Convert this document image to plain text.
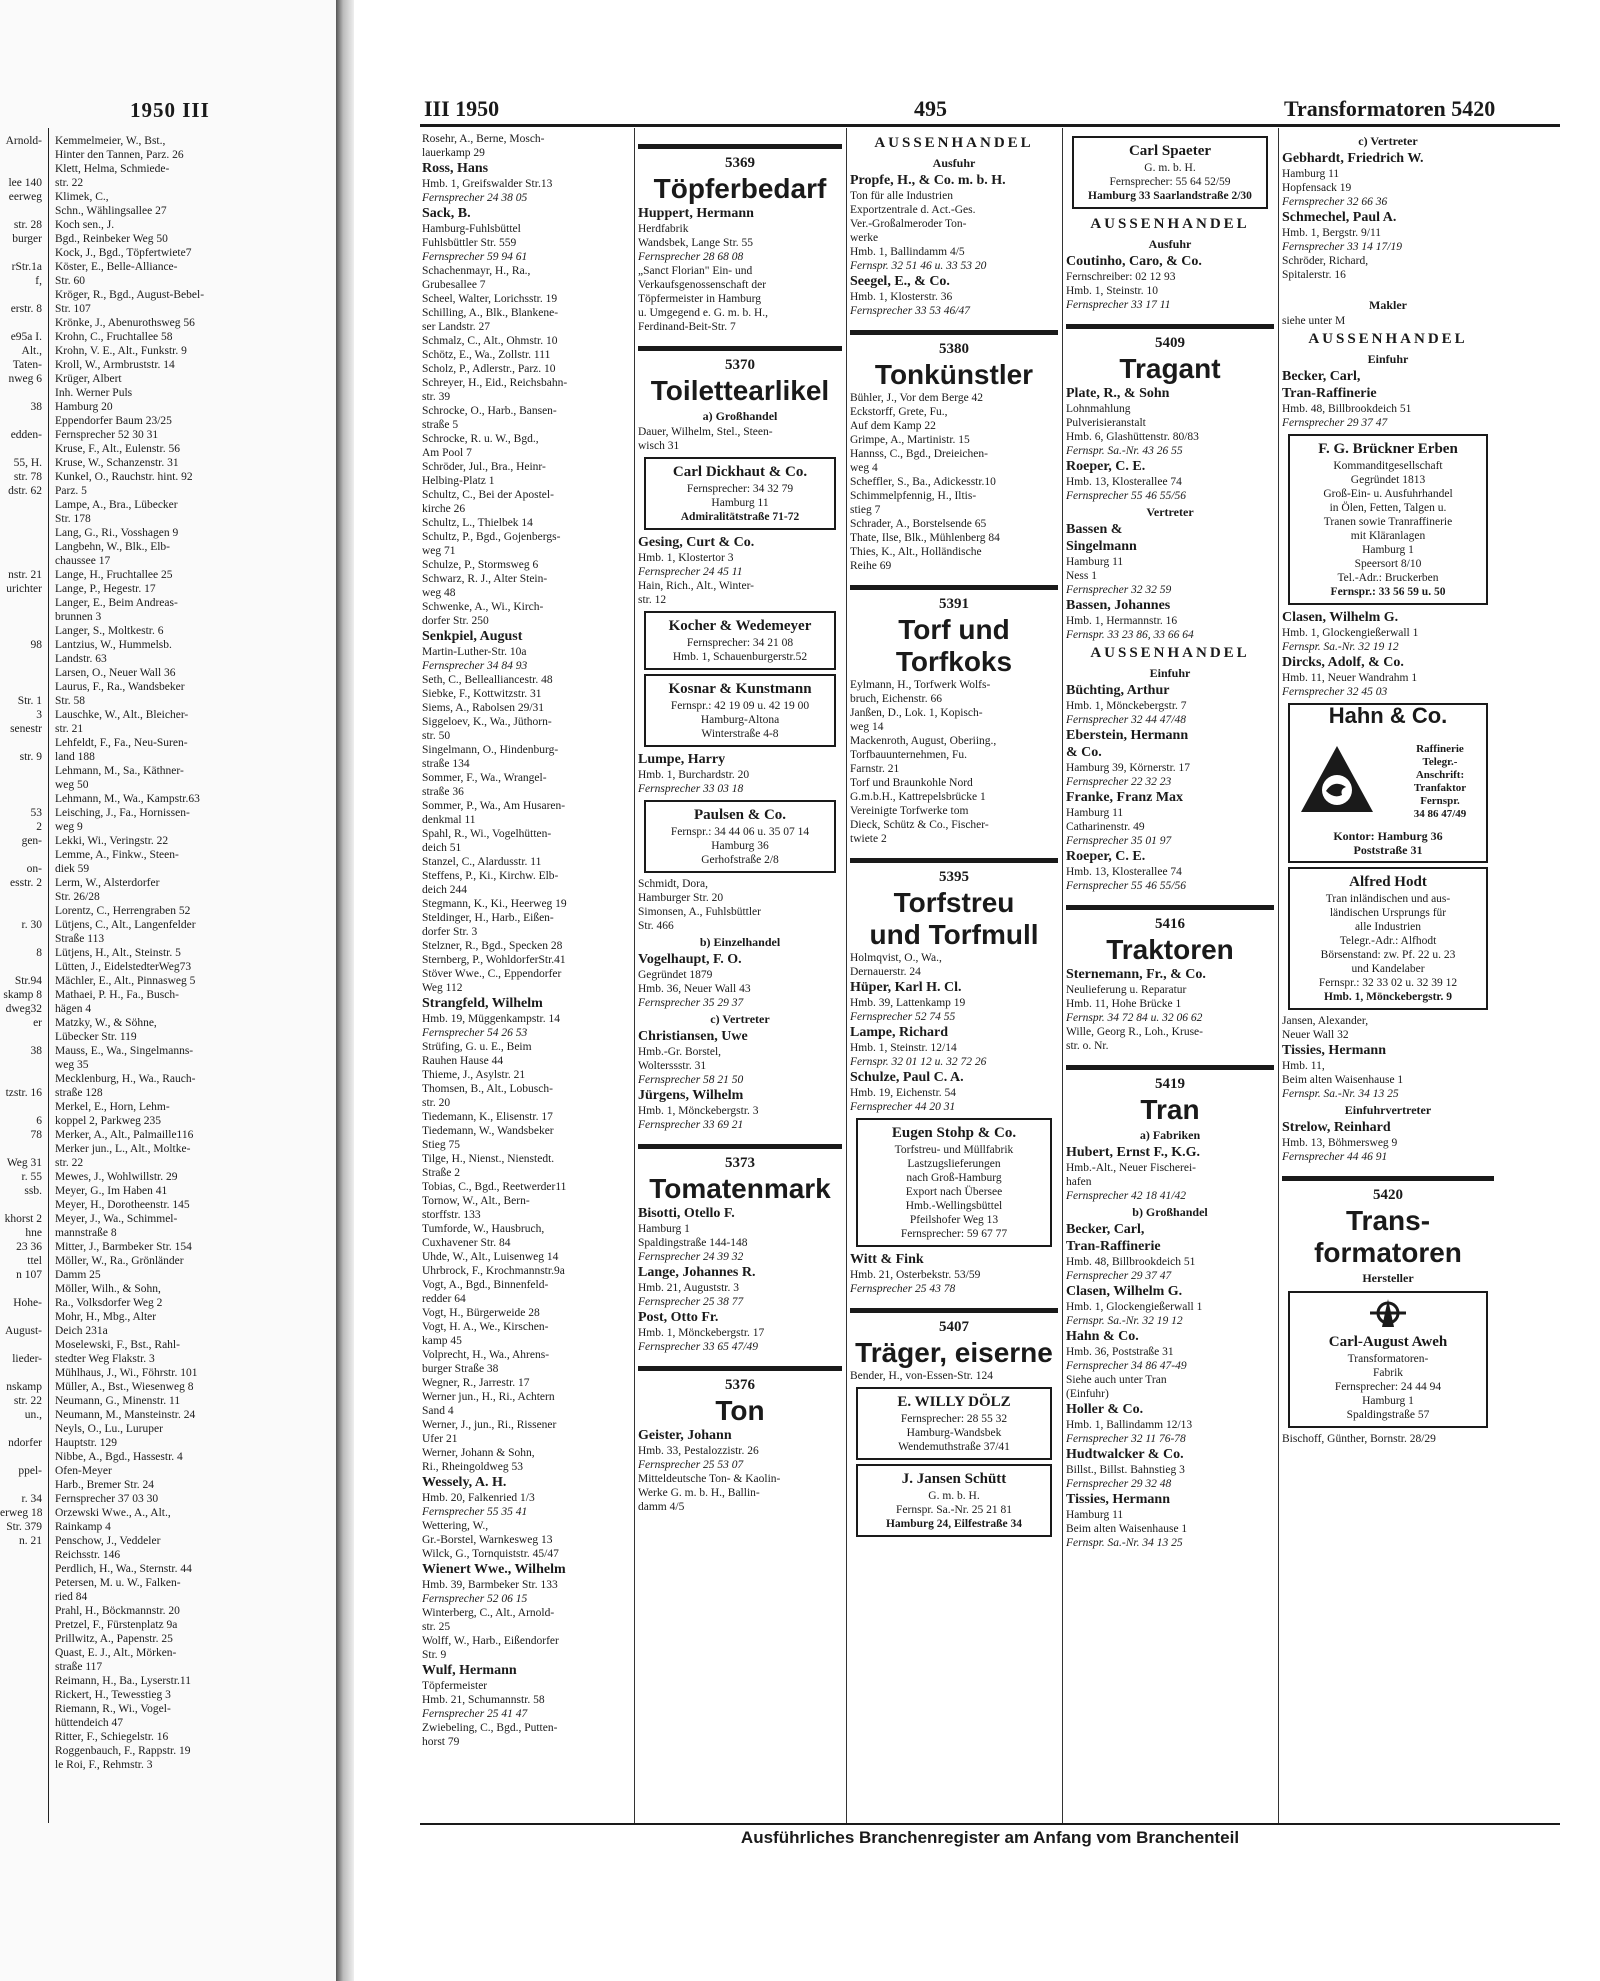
1950 III
Arnold-
lee 140
eerweg
str. 28
burger
rStr.1a
f,
erstr. 8
e95a I.
Alt.,
Taten-
nweg 6
38
edden-
55, H.
str. 78
dstr. 62
nstr. 21
urichter
98
Str. 1
3
senestr
str. 9
53
2
gen-
on-
esstr. 2
r. 30
8
Str.94
skamp 8
dweg32
er
38
tzstr. 16
6
78
Weg 31
r. 55
ssb.
khorst 2
hne
23 36
ttel
n 107
Hohe-
August-
lieder-
nskamp
str. 22
un.,
ndorfer
ppel-
r. 34
erweg 18
Str. 379
n. 21
Kemmelmeier, W., Bst.,
Hinter den Tannen, Parz. 26
Klett, Helma, Schmiede-
str. 22
Klimek, C.,
Schn., Wählingsallee 27
Koch sen., J.
Bgd., Reinbeker Weg 50
Kock, J., Bgd., Töpfertwiete7
Köster, E., Belle-Alliance-
Str. 60
Kröger, R., Bgd., August-Bebel-
Str. 107
Krönke, J., Abenurothsweg 56
Krohn, C., Fruchtallee 58
Krohn, V. E., Alt., Funkstr. 9
Kroll, W., Armbruststr. 14
Krüger, Albert
Inh. Werner Puls
Hamburg 20
Eppendorfer Baum 23/25
Fernsprecher 52 30 31
Kruse, F., Alt., Eulenstr. 56
Kruse, W., Schanzenstr. 31
Kunkel, O., Rauchstr. hint. 92
Parz. 5
Lampe, A., Bra., Lübecker
Str. 178
Lang, G., Ri., Vosshagen 9
Langbehn, W., Blk., Elb-
chaussee 17
Lange, H., Fruchtallee 25
Lange, P., Hegestr. 17
Langer, E., Beim Andreas-
brunnen 3
Langer, S., Moltkestr. 6
Lantzius, W., Hummelsb.
Landstr. 63
Larsen, O., Neuer Wall 36
Laurus, F., Ra., Wandsbeker
Str. 58
Lauschke, W., Alt., Bleicher-
str. 21
Lehfeldt, F., Fa., Neu-Suren-
land 188
Lehmann, M., Sa., Käthner-
weg 50
Lehmann, M., Wa., Kampstr.63
Leisching, J., Fa., Hornissen-
weg 9
Lekki, Wi., Veringstr. 22
Lemme, A., Finkw., Steen-
diek 59
Lerm, W., Alsterdorfer
Str. 26/28
Lorentz, C., Herrengraben 52
Lütjens, C., Alt., Langenfelder
Straße 113
Lütjens, H., Alt., Steinstr. 5
Lütten, J., EidelstedterWeg73
Mächler, E., Alt., Pinnasweg 5
Mathaei, P. H., Fa., Busch-
hägen 4
Matzky, W., & Söhne,
Lübecker Str. 119
Mauss, E., Wa., Singelmanns-
weg 35
Mecklenburg, H., Wa., Rauch-
straße 128
Merkel, E., Horn, Lehm-
koppel 2, Parkweg 235
Merker, A., Alt., Palmaille116
Merker jun., L., Alt., Moltke-
str. 22
Mewes, J., Wohlwillstr. 29
Meyer, G., Im Haben 41
Meyer, H., Dorotheenstr. 145
Meyer, J., Wa., Schimmel-
mannstraße 8
Mitter, J., Barmbeker Str. 154
Möller, W., Ra., Grönländer
Damm 25
Möller, Wilh., & Sohn,
Ra., Volksdorfer Weg 2
Mohr, H., Mbg., Alter
Deich 231a
Moselewski, F., Bst., Rahl-
stedter Weg Flakstr. 3
Mühlhaus, J., Wi., Föhrstr. 101
Müller, A., Bst., Wiesenweg 8
Neumann, G., Minenstr. 11
Neumann, M., Mansteinstr. 24
Neyls, O., Lu., Luruper
Hauptstr. 129
Nibbe, A., Bgd., Hassestr. 4
Ofen-Meyer
Harb., Bremer Str. 24
Fernsprecher 37 03 30
Orzewski Wwe., A., Alt.,
Rainkamp 4
Penschow, J., Veddeler
Reichsstr. 146
Perdlich, H., Wa., Sternstr. 44
Petersen, M. u. W., Falken-
ried 84
Prahl, H., Böckmannstr. 20
Pretzel, F., Fürstenplatz 9a
Prillwitz, A., Papenstr. 25
Quast, E. J., Alt., Mörken-
straße 117
Reimann, H., Ba., Lyserstr.11
Rickert, H., Tewesstieg 3
Riemann, R., Wi., Vogel-
hüttendeich 47
Ritter, F., Schiegelstr. 16
Roggenbauch, F., Rappstr. 19
le Roi, F., Rehmstr. 3
III 1950	495	Transformatoren 5420
Rosehr, A., Berne, Mosch-
lauerkamp 29
Ross, Hans
Hmb. 1, Greifswalder Str.13
Fernsprecher 24 38 05
Sack, B.
Hamburg-Fuhlsbüttel
Fuhlsbüttler Str. 559
Fernsprecher 59 94 61
Schachenmayr, H., Ra.,
Grubesallee 7
Scheel, Walter, Lorichsstr. 19
Schilling, A., Blk., Blankene-
ser Landstr. 27
Schmalz, C., Alt., Ohmstr. 10
Schötz, E., Wa., Zollstr. 111
Scholz, P., Adlerstr., Parz. 10
Schreyer, H., Eid., Reichsbahn-
str. 39
Schrocke, O., Harb., Bansen-
straße 5
Schrocke, R. u. W., Bgd.,
Am Pool 7
Schröder, Jul., Bra., Heinr-
Helbing-Platz 1
Schultz, C., Bei der Apostel-
kirche 26
Schultz, L., Thielbek 14
Schultz, P., Bgd., Gojenbergs-
weg 71
Schulze, P., Stormsweg 6
Schwarz, R. J., Alter Stein-
weg 48
Schwenke, A., Wi., Kirch-
dorfer Str. 250
Senkpiel, August
Martin-Luther-Str. 10a
Fernsprecher 34 84 93
Seth, C., Bellealliancestr. 48
Siebke, F., Kottwitzstr. 31
Siems, A., Rabolsen 29/31
Siggeloev, K., Wa., Jüthorn-
str. 50
Singelmann, O., Hindenburg-
straße 134
Sommer, F., Wa., Wrangel-
straße 36
Sommer, P., Wa., Am Husaren-
denkmal 11
Spahl, R., Wi., Vogelhütten-
deich 51
Stanzel, C., Alardusstr. 11
Steffens, P., Ki., Kirchw. Elb-
deich 244
Stegmann, K., Ki., Heerweg 19
Steldinger, H., Harb., Eißen-
dorfer Str. 3
Stelzner, R., Bgd., Specken 28
Sternberg, P., WohldorferStr.41
Stöver Wwe., C., Eppendorfer
Weg 112
Strangfeld, Wilhelm
Hmb. 19, Müggenkampstr. 14
Fernsprecher 54 26 53
Strüfing, G. u. E., Beim
Rauhen Hause 44
Thieme, J., Asylstr. 21
Thomsen, B., Alt., Lobusch-
str. 20
Tiedemann, K., Elisenstr. 17
Tiedemann, W., Wandsbeker
Stieg 75
Tilge, H., Nienst., Nienstedt.
Straße 2
Tobias, C., Bgd., Reetwerder11
Tornow, W., Alt., Bern-
storffstr. 133
Tumforde, W., Hausbruch,
Cuxhavener Str. 84
Uhde, W., Alt., Luisenweg 14
Uhrbrock, F., Krochmannstr.9a
Vogt, A., Bgd., Binnenfeld-
redder 64
Vogt, H., Bürgerweide 28
Vogt, H. A., We., Kirschen-
kamp 45
Volprecht, H., Wa., Ahrens-
burger Straße 38
Wegner, R., Jarrestr. 17
Werner jun., H., Ri., Achtern
Sand 4
Werner, J., jun., Ri., Rissener
Ufer 21
Werner, Johann & Sohn,
Ri., Rheingoldweg 53
Wessely, A. H.
Hmb. 20, Falkenried 1/3
Fernsprecher 55 35 41
Wettering, W.,
Gr.-Borstel, Warnkesweg 13
Wilck, G., Tornquiststr. 45/47
Wienert Wwe., Wilhelm
Hmb. 39, Barmbeker Str. 133
Fernsprecher 52 06 15
Winterberg, C., Alt., Arnold-
str. 25
Wolff, W., Harb., Eißendorfer
Str. 9
Wulf, Hermann
Töpfermeister
Hmb. 21, Schumannstr. 58
Fernsprecher 25 41 47
Zwiebeling, C., Bgd., Putten-
horst 79
5369
Töpferbedarf
Huppert, Hermann
Herdfabrik
Wandsbek, Lange Str. 55
Fernsprecher 28 68 08
„Sanct Florian" Ein- und
Verkaufsgenossenschaft der
Töpfermeister in Hamburg
u. Umgegend e. G. m. b. H.,
Ferdinand-Beit-Str. 7
5370
Toilettearlikel
a) Großhandel
Dauer, Wilhelm, Stel., Steen-
wisch 31
Carl Dickhaut & Co.
Fernsprecher: 34 32 79
Hamburg 11
Admiralitätstraße 71-72
Gesing, Curt & Co.
Hmb. 1, Klostertor 3
Fernsprecher 24 45 11
Hain, Rich., Alt., Winter-
str. 12
Kocher & Wedemeyer
Fernsprecher: 34 21 08
Hmb. 1, Schauenburgerstr.52
Kosnar & Kunstmann
Fernspr.: 42 19 09 u. 42 19 00
Hamburg-Altona
Winterstraße 4-8
Lumpe, Harry
Hmb. 1, Burchardstr. 20
Fernsprecher 33 03 18
Paulsen & Co.
Fernspr.: 34 44 06 u. 35 07 14
Hamburg 36
Gerhofstraße 2/8
Schmidt, Dora,
Hamburger Str. 20
Simonsen, A., Fuhlsbüttler
Str. 466
b) Einzelhandel
Vogelhaupt, F. O.
Gegründet 1879
Hmb. 36, Neuer Wall 43
Fernsprecher 35 29 37
c) Vertreter
Christiansen, Uwe
Hmb.-Gr. Borstel,
Wolterssstr. 31
Fernsprecher 58 21 50
Jürgens, Wilhelm
Hmb. 1, Mönckebergstr. 3
Fernsprecher 33 69 21
5373
Tomatenmark
Bisotti, Otello F.
Hamburg 1
Spaldingstraße 144-148
Fernsprecher 24 39 32
Lange, Johannes R.
Hmb. 21, Auguststr. 3
Fernsprecher 25 38 77
Post, Otto Fr.
Hmb. 1, Mönckebergstr. 17
Fernsprecher 33 65 47/49
5376
Ton
Geister, Johann
Hmb. 33, Pestalozzistr. 26
Fernsprecher 25 53 07
Mitteldeutsche Ton- & Kaolin-
Werke G. m. b. H., Ballin-
damm 4/5
AUSSENHANDEL
Ausfuhr
Propfe, H., & Co. m. b. H.
Ton für alle Industrien
Exportzentrale d. Act.-Ges.
Ver.-Großalmeroder Ton-
werke
Hmb. 1, Ballindamm 4/5
Fernspr. 32 51 46 u. 33 53 20
Seegel, E., & Co.
Hmb. 1, Klosterstr. 36
Fernsprecher 33 53 46/47
5380
Tonkünstler
Bühler, J., Vor dem Berge 42
Eckstorff, Grete, Fu.,
Auf dem Kamp 22
Grimpe, A., Martinistr. 15
Hannss, C., Bgd., Dreieichen-
weg 4
Scheffler, S., Ba., Adickesstr.10
Schimmelpfennig, H., Iltis-
stieg 7
Schrader, A., Borstelsende 65
Thate, Ilse, Blk., Mühlenberg 84
Thies, K., Alt., Holländische
Reihe 69
5391
Torf und Torfkoks
Eylmann, H., Torfwerk Wolfs-
bruch, Eichenstr. 66
Janßen, D., Lok. 1, Kopisch-
weg 14
Mackenroth, August, Oberiing.,
Torfbauunternehmen, Fu.
Farnstr. 21
Torf und Braunkohle Nord
G.m.b.H., Kattrepelsbrücke 1
Vereinigte Torfwerke tom
Dieck, Schütz & Co., Fischer-
twiete 2
5395
Torfstreu
und Torfmull
Holmqvist, O., Wa.,
Dernauerstr. 24
Hüper, Karl H. Cl.
Hmb. 39, Lattenkamp 19
Fernsprecher 52 74 55
Lampe, Richard
Hmb. 1, Steinstr. 12/14
Fernspr. 32 01 12 u. 32 72 26
Schulze, Paul C. A.
Hmb. 19, Eichenstr. 54
Fernsprecher 44 20 31
Eugen Stohp & Co.
Torfstreu- und Müllfabrik
Lastzugslieferungen
nach Groß-Hamburg
Export nach Übersee
Hmb.-Wellingsbüttel
Pfeilshofer Weg 13
Fernsprecher: 59 67 77
Witt & Fink
Hmb. 21, Osterbekstr. 53/59
Fernsprecher 25 43 78
5407
Träger, eiserne
Bender, H., von-Essen-Str. 124
E. WILLY DÖLZ
Fernsprecher: 28 55 32
Hamburg-Wandsbek
Wendemuthstraße 37/41
J. Jansen Schütt
G. m. b. H.
Fernspr. Sa.-Nr. 25 21 81
Hamburg 24, Eilfestraße 34
Carl Spaeter
G. m. b. H.
Fernsprecher: 55 64 52/59
Hamburg 33 Saarlandstraße 2/30
AUSSENHANDEL
Ausfuhr
Coutinho, Caro, & Co.
Fernschreiber: 02 12 93
Hmb. 1, Steinstr. 10
Fernsprecher 33 17 11
5409
Tragant
Plate, R., & Sohn
Lohnmahlung
Pulverisieranstalt
Hmb. 6, Glashüttenstr. 80/83
Fernspr. Sa.-Nr. 43 26 55
Roeper, C. E.
Hmb. 13, Klosterallee 74
Fernsprecher 55 46 55/56
Vertreter
Bassen &
Singelmann
Hamburg 11
Ness 1
Fernsprecher 32 32 59
Bassen, Johannes
Hmb. 1, Hermannstr. 16
Fernspr. 33 23 86, 33 66 64
AUSSENHANDEL
Einfuhr
Büchting, Arthur
Hmb. 1, Mönckebergstr. 7
Fernsprecher 32 44 47/48
Eberstein, Hermann
& Co.
Hamburg 39, Körnerstr. 17
Fernsprecher 22 32 23
Franke, Franz Max
Hamburg 11
Catharinenstr. 49
Fernsprecher 35 01 97
Roeper, C. E.
Hmb. 13, Klosterallee 74
Fernsprecher 55 46 55/56
5416
Traktoren
Sternemann, Fr., & Co.
Neulieferung u. Reparatur
Hmb. 11, Hohe Brücke 1
Fernspr. 34 72 84 u. 32 06 62
Wille, Georg R., Loh., Kruse-
str. o. Nr.
5419
Tran
a) Fabriken
Hubert, Ernst F., K.G.
Hmb.-Alt., Neuer Fischerei-
hafen
Fernsprecher 42 18 41/42
b) Großhandel
Becker, Carl,
Tran-Raffinerie
Hmb. 48, Billbrookdeich 51
Fernsprecher 29 37 47
Clasen, Wilhelm G.
Hmb. 1, Glockengießerwall 1
Fernspr. Sa.-Nr. 32 19 12
Hahn & Co.
Hmb. 36, Poststraße 31
Fernsprecher 34 86 47-49
Siehe auch unter Tran
(Einfuhr)
Holler & Co.
Hmb. 1, Ballindamm 12/13
Fernsprecher 32 11 76-78
Hudtwalcker & Co.
Billst., Billst. Bahnstieg 3
Fernsprecher 29 32 48
Tissies, Hermann
Hamburg 11
Beim alten Waisenhause 1
Fernspr. Sa.-Nr. 34 13 25
c) Vertreter
Gebhardt, Friedrich W.
Hamburg 11
Hopfensack 19
Fernsprecher 32 66 36
Schmechel, Paul A.
Hmb. 1, Bergstr. 9/11
Fernsprecher 33 14 17/19
Schröder, Richard,
Spitalerstr. 16
Makler
siehe unter M
AUSSENHANDEL
Einfuhr
Becker, Carl,
Tran-Raffinerie
Hmb. 48, Billbrookdeich 51
Fernsprecher 29 37 47
F. G. Brückner Erben
Kommanditgesellschaft
Gegründet 1813
Groß-Ein- u. Ausfuhrhandel
in Ölen, Fetten, Talgen u.
Tranen sowie Tranraffinerie
mit Kläranlagen
Hamburg 1
Speersort 8/10
Tel.-Adr.: Bruckerben
Fernspr.: 33 56 59 u. 50
Clasen, Wilhelm G.
Hmb. 1, Glockengießerwall 1
Fernspr. Sa.-Nr. 32 19 12
Dircks, Adolf, & Co.
Hmb. 11, Neuer Wandrahm 1
Fernsprecher 32 45 03
Hahn & Co.
Raffinerie
Telegr.-
Anschrift:
Tranfaktor
Fernspr.
34 86 47/49
Kontor: Hamburg 36
Poststraße 31
Alfred Hodt
Tran inländischen und aus-
ländischen Ursprungs für
alle Industrien
Telegr.-Adr.: Alfhodt
Börsenstand: zw. Pf. 22 u. 23
und Kandelaber
Fernspr.: 32 33 02 u. 32 39 12
Hmb. 1, Mönckebergstr. 9
Jansen, Alexander,
Neuer Wall 32
Tissies, Hermann
Hmb. 11,
Beim alten Waisenhause 1
Fernspr. Sa.-Nr. 34 13 25
Einfuhrvertreter
Strelow, Reinhard
Hmb. 13, Böhmersweg 9
Fernsprecher 44 46 91
5420
Trans-
formatoren
Hersteller
Carl-August Aweh
Transformatoren-
Fabrik
Fernsprecher: 24 44 94
Hamburg 1
Spaldingstraße 57
Bischoff, Günther, Bornstr. 28/29
Ausführliches Branchenregister am Anfang vom Branchenteil
